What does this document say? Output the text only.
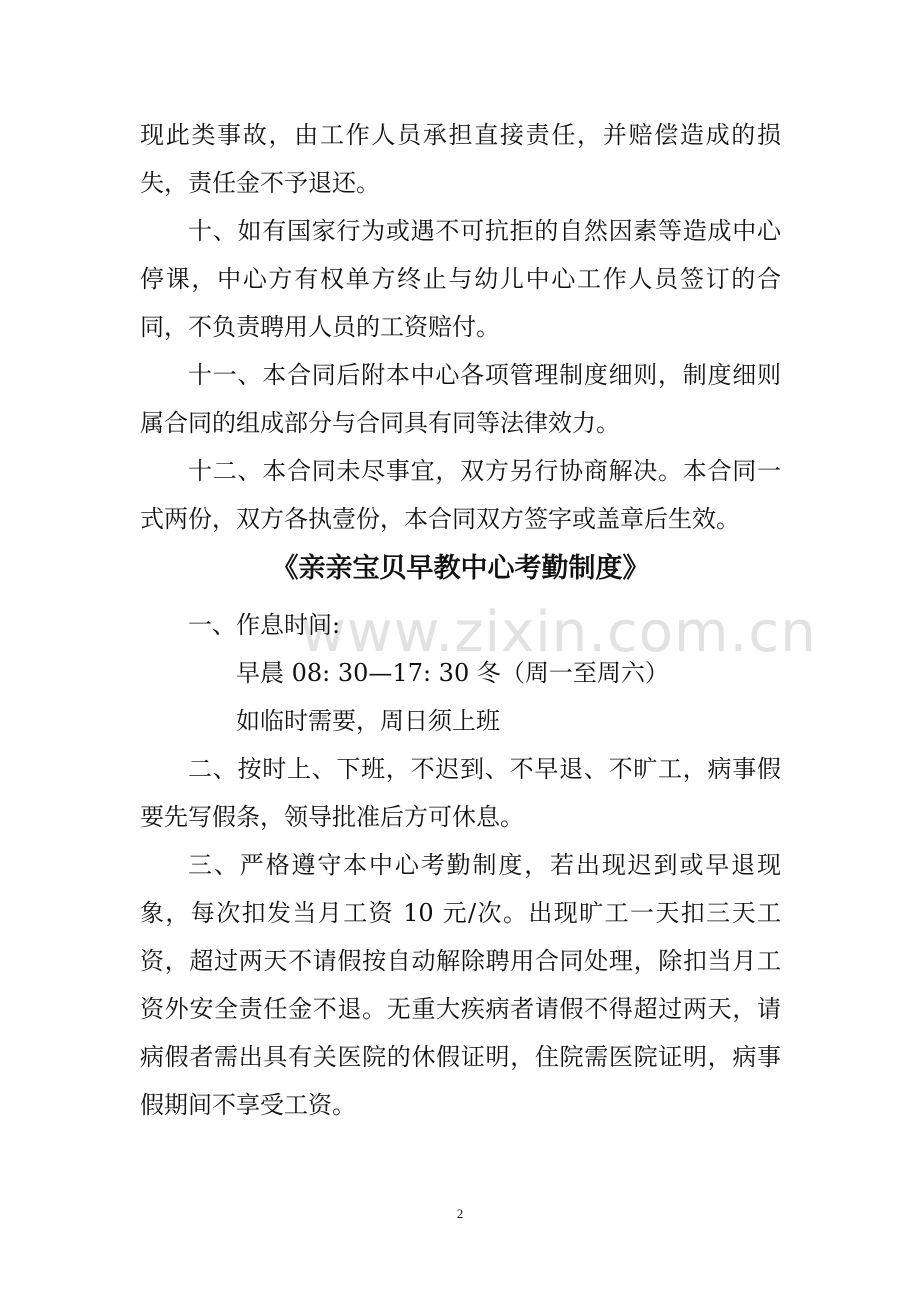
www.zixin.com.cn

现此类事故，由工作人员承担直接责任，并赔偿造成的损失，责任金不予退还。

十、如有国家行为或遇不可抗拒的自然因素等造成中心停课，中心方有权单方终止与幼儿中心工作人员签订的合同，不负责聘用人员的工资赔付。

十一、本合同后附本中心各项管理制度细则，制度细则属合同的组成部分与合同具有同等法律效力。

十二、本合同未尽事宜，双方另行协商解决。本合同一式两份，双方各执壹份，本合同双方签字或盖章后生效。

《亲亲宝贝早教中心考勤制度》

一、作息时间:

早晨 08: 30—17: 30 冬（周一至周六）

如临时需要，周日须上班

二、按时上、下班，不迟到、不早退、不旷工，病事假要先写假条，领导批准后方可休息。

三、严格遵守本中心考勤制度，若出现迟到或早退现象，每次扣发当月工资 10 元/次。出现旷工一天扣三天工资，超过两天不请假按自动解除聘用合同处理，除扣当月工资外安全责任金不退。无重大疾病者请假不得超过两天，请病假者需出具有关医院的休假证明，住院需医院证明，病事假期间不享受工资。

2
